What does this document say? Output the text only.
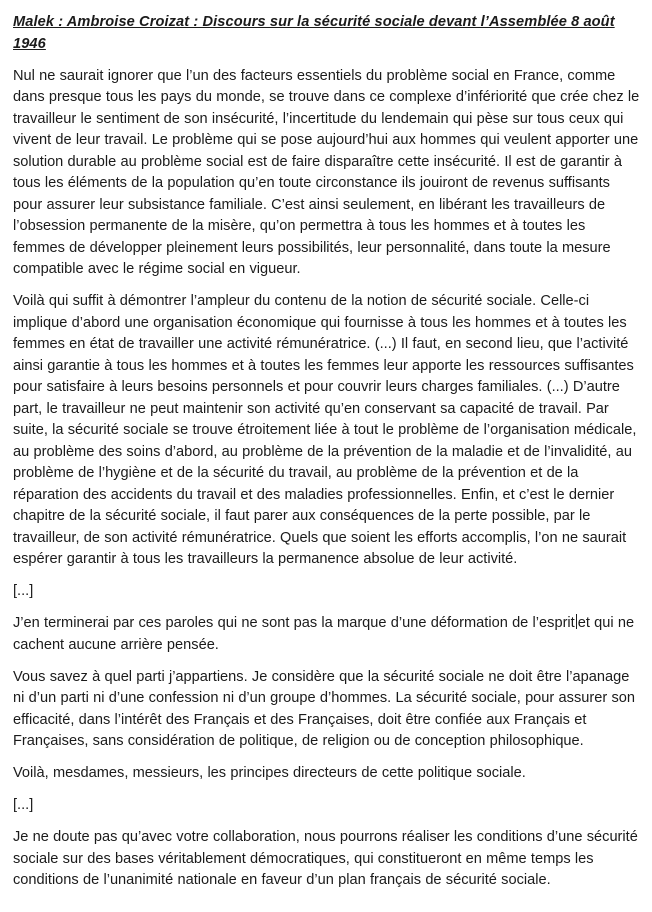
Malek : Ambroise Croizat : Discours sur la sécurité sociale devant l’Assemblée 8 août 1946

Nul ne saurait ignorer que l’un des facteurs essentiels du problème social en France, comme dans presque tous les pays du monde, se trouve dans ce complexe d’infériorité que crée chez le travailleur le sentiment de son insécurité, l’incertitude du lendemain qui pèse sur tous ceux qui vivent de leur travail. Le problème qui se pose aujourd’hui aux hommes qui veulent apporter une solution durable au problème social est de faire disparaître cette insécurité. Il est de garantir à tous les éléments de la population qu’en toute circonstance ils jouiront de revenus suffisants pour assurer leur subsistance familiale. C’est ainsi seulement, en libérant les travailleurs de l’obsession permanente de la misère, qu’on permettra à tous les hommes et à toutes les femmes de développer pleinement leurs possibilités, leur personnalité, dans toute la mesure compatible avec le régime social en vigueur.

Voilà qui suffit à démontrer l’ampleur du contenu de la notion de sécurité sociale. Celle-ci implique d’abord une organisation économique qui fournisse à tous les hommes et à toutes les femmes en état de travailler une activité rémunératrice. (...) Il faut, en second lieu, que l’activité ainsi garantie à tous les hommes et à toutes les femmes leur apporte les ressources suffisantes pour satisfaire à leurs besoins personnels et pour couvrir leurs charges familiales. (...) D’autre part, le travailleur ne peut maintenir son activité qu’en conservant sa capacité de travail. Par suite, la sécurité sociale se trouve étroitement liée à tout le problème de l’organisation médicale, au problème des soins d’abord, au problème de la prévention de la maladie et de l’invalidité, au problème de l’hygiène et de la sécurité du travail, au problème de la prévention et de la réparation des accidents du travail et des maladies professionnelles. Enfin, et c’est le dernier chapitre de la sécurité sociale, il faut parer aux conséquences de la perte possible, par le travailleur, de son activité rémunératrice. Quels que soient les efforts accomplis, l’on ne saurait espérer garantir à tous les travailleurs la permanence absolue de leur activité.

[...]

J’en terminerai par ces paroles qui ne sont pas la marque d’une déformation de l’esprit et qui ne cachent aucune arrière pensée.

Vous savez à quel parti j’appartiens. Je considère que la sécurité sociale ne doit être l’apanage ni d’un parti ni d’une confession ni d’un groupe d’hommes. La sécurité sociale, pour assurer son efficacité, dans l’intérêt des Français et des Françaises, doit être confiée aux Français et Françaises, sans considération de politique, de religion ou de conception philosophique.

Voilà, mesdames, messieurs, les principes directeurs de cette politique sociale.

[...]

Je ne doute pas qu’avec votre collaboration, nous pourrons réaliser les conditions d’une sécurité sociale sur des bases véritablement démocratiques, qui constitueront en même temps les conditions de l’unanimité nationale en faveur d’un plan français de sécurité sociale.
